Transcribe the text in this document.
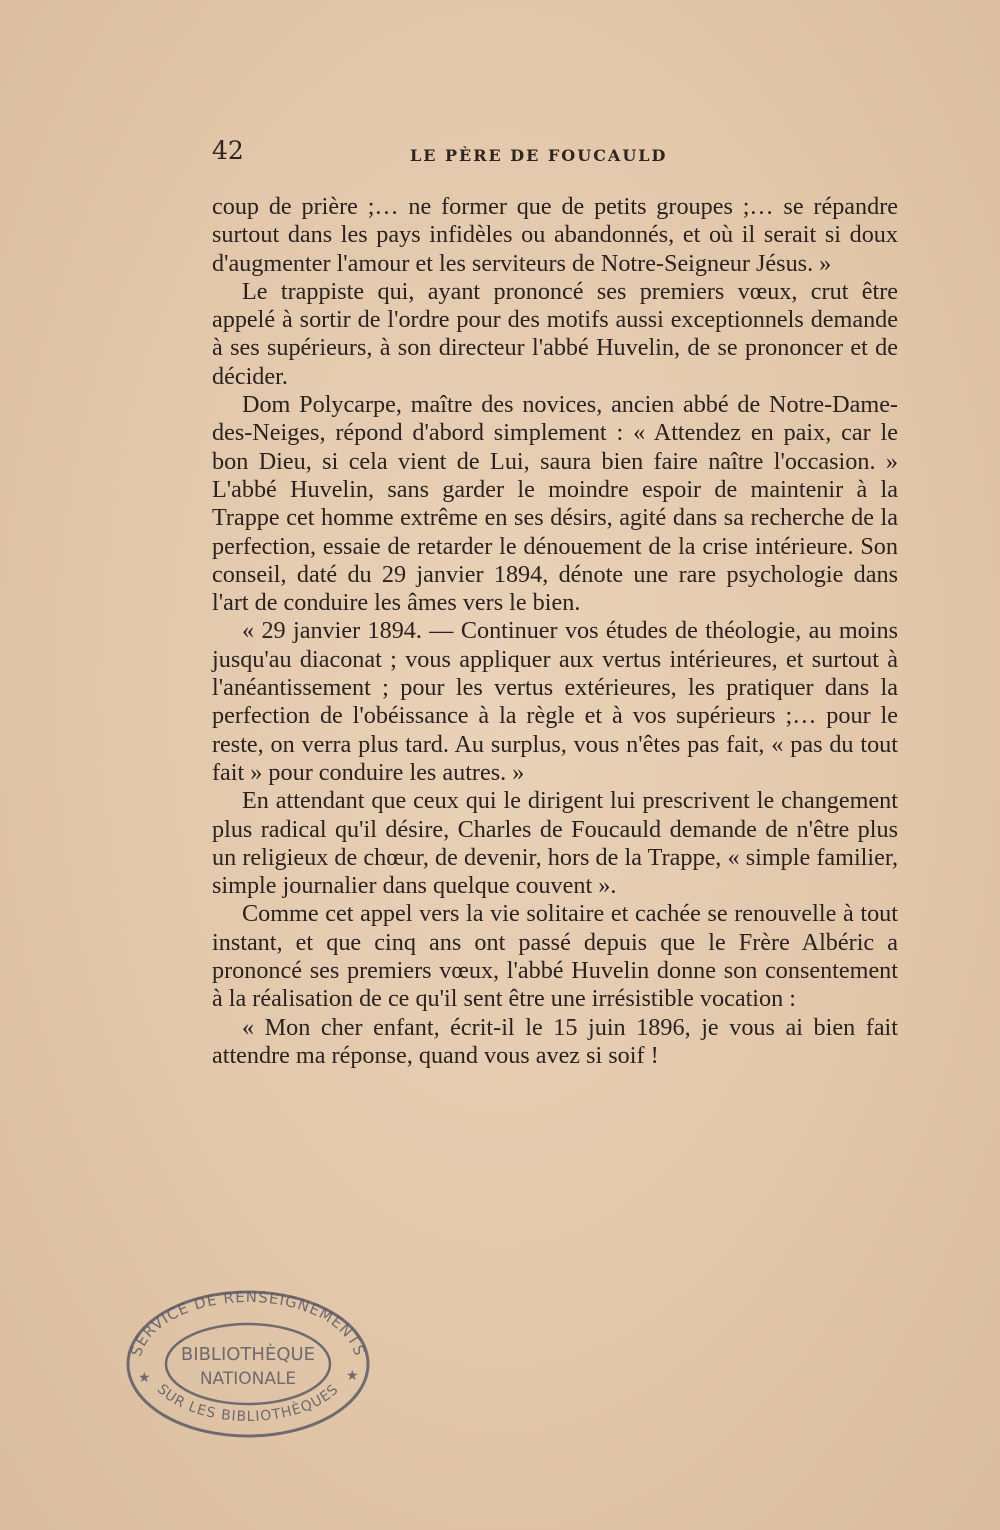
42	LE PÈRE DE FOUCAULD

coup de prière ;… ne former que de petits groupes ;… se répandre surtout dans les pays infidèles ou abandonnés, et où il serait si doux d'augmenter l'amour et les serviteurs de Notre-Seigneur Jésus. »

Le trappiste qui, ayant prononcé ses premiers vœux, crut être appelé à sortir de l'ordre pour des motifs aussi exceptionnels demande à ses supérieurs, à son directeur l'abbé Huvelin, de se prononcer et de décider.

Dom Polycarpe, maître des novices, ancien abbé de Notre-Dame-des-Neiges, répond d'abord simplement : « Attendez en paix, car le bon Dieu, si cela vient de Lui, saura bien faire naître l'occasion. » L'abbé Huvelin, sans garder le moindre espoir de maintenir à la Trappe cet homme extrême en ses désirs, agité dans sa recherche de la perfection, essaie de retarder le dénouement de la crise intérieure. Son conseil, daté du 29 janvier 1894, dénote une rare psychologie dans l'art de conduire les âmes vers le bien.

« 29 janvier 1894. — Continuer vos études de théologie, au moins jusqu'au diaconat ; vous appliquer aux vertus intérieures, et surtout à l'anéantissement ; pour les vertus extérieures, les pratiquer dans la perfection de l'obéissance à la règle et à vos supérieurs ;… pour le reste, on verra plus tard. Au surplus, vous n'êtes pas fait, « pas du tout fait » pour conduire les autres. »

En attendant que ceux qui le dirigent lui prescrivent le changement plus radical qu'il désire, Charles de Foucauld demande de n'être plus un religieux de chœur, de devenir, hors de la Trappe, « simple familier, simple journalier dans quelque couvent ».

Comme cet appel vers la vie solitaire et cachée se renouvelle à tout instant, et que cinq ans ont passé depuis que le Frère Albéric a prononcé ses premiers vœux, l'abbé Huvelin donne son consentement à la réalisation de ce qu'il sent être une irrésistible vocation :

« Mon cher enfant, écrit-il le 15 juin 1896, je vous ai bien fait attendre ma réponse, quand vous avez si soif !

SERVICE DE RENSEIGNEMENTS
SUR LES BIBLIOTHÈQUES
BIBLIOTHÈQUE
NATIONALE
★	★
